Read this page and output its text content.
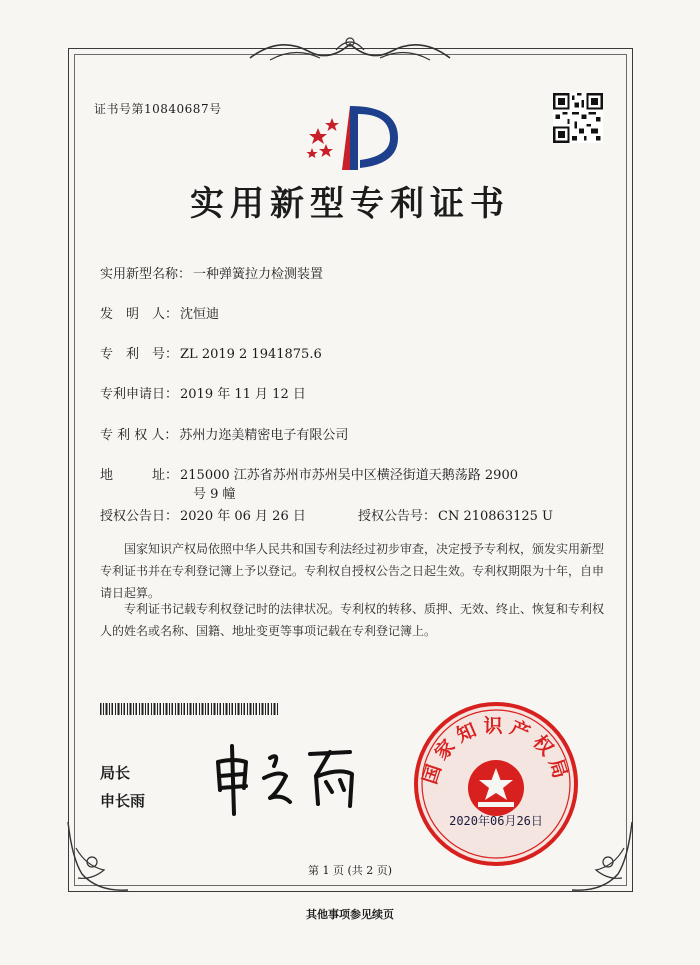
证书号第10840687号
实用新型专利证书
实用新型名称： 一种弹簧拉力检测装置
发　明　人： 沈恒迪
专　利　号： ZL 2019 2 1941875.6
专利申请日： 2019 年 11 月 12 日
专 利 权 人： 苏州力迩美精密电子有限公司
地　　　址： 215000 江苏省苏州市苏州吴中区横泾街道天鹅荡路 2900
号 9 幢
授权公告日： 2020 年 06 月 26 日	授权公告号： CN 210863125 U
国家知识产权局依照中华人民共和国专利法经过初步审查，决定授予专利权，颁发实用新型专利证书并在专利登记簿上予以登记。专利权自授权公告之日起生效。专利权期限为十年，自申请日起算。
专利证书记载专利权登记时的法律状况。专利权的转移、质押、无效、终止、恢复和专利权人的姓名或名称、国籍、地址变更等事项记载在专利登记簿上。
局长
申长雨
国家知识产权局
2020年06月26日
第 1 页 (共 2 页)
其他事项参见续页
